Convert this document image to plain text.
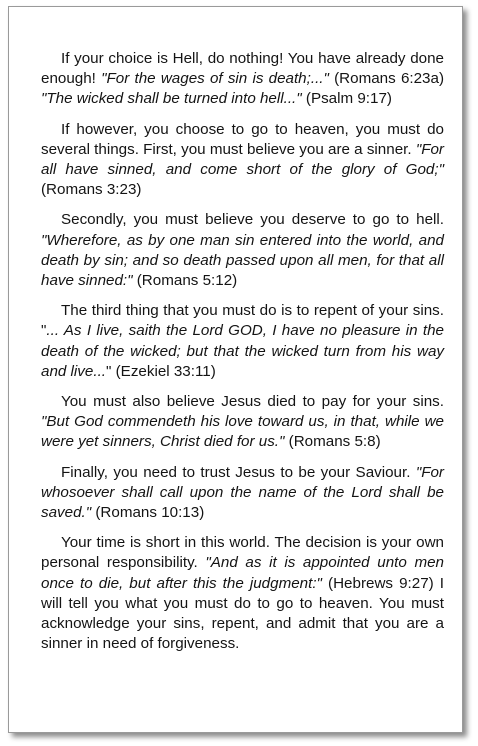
If your choice is Hell, do nothing! You have already done enough! "For the wages of sin is death;..." (Romans 6:23a) "The wicked shall be turned into hell..." (Psalm 9:17)

If however, you choose to go to heaven, you must do several things. First, you must believe you are a sinner. "For all have sinned, and come short of the glory of God;" (Romans 3:23)

Secondly, you must believe you deserve to go to hell. "Wherefore, as by one man sin entered into the world, and death by sin; and so death passed upon all men, for that all have sinned:" (Romans 5:12)

The third thing that you must do is to repent of your sins. "... As I live, saith the Lord GOD, I have no pleasure in the death of the wicked; but that the wicked turn from his way and live..." (Ezekiel 33:11)

You must also believe Jesus died to pay for your sins. "But God commendeth his love toward us, in that, while we were yet sinners, Christ died for us." (Romans 5:8)

Finally, you need to trust Jesus to be your Saviour. "For whosoever shall call upon the name of the Lord shall be saved." (Romans 10:13)

Your time is short in this world. The decision is your own personal responsibility. "And as it is appointed unto men once to die, but after this the judgment:" (Hebrews 9:27) I will tell you what you must do to go to heaven. You must acknowledge your sins, repent, and admit that you are a sinner in need of forgiveness.
